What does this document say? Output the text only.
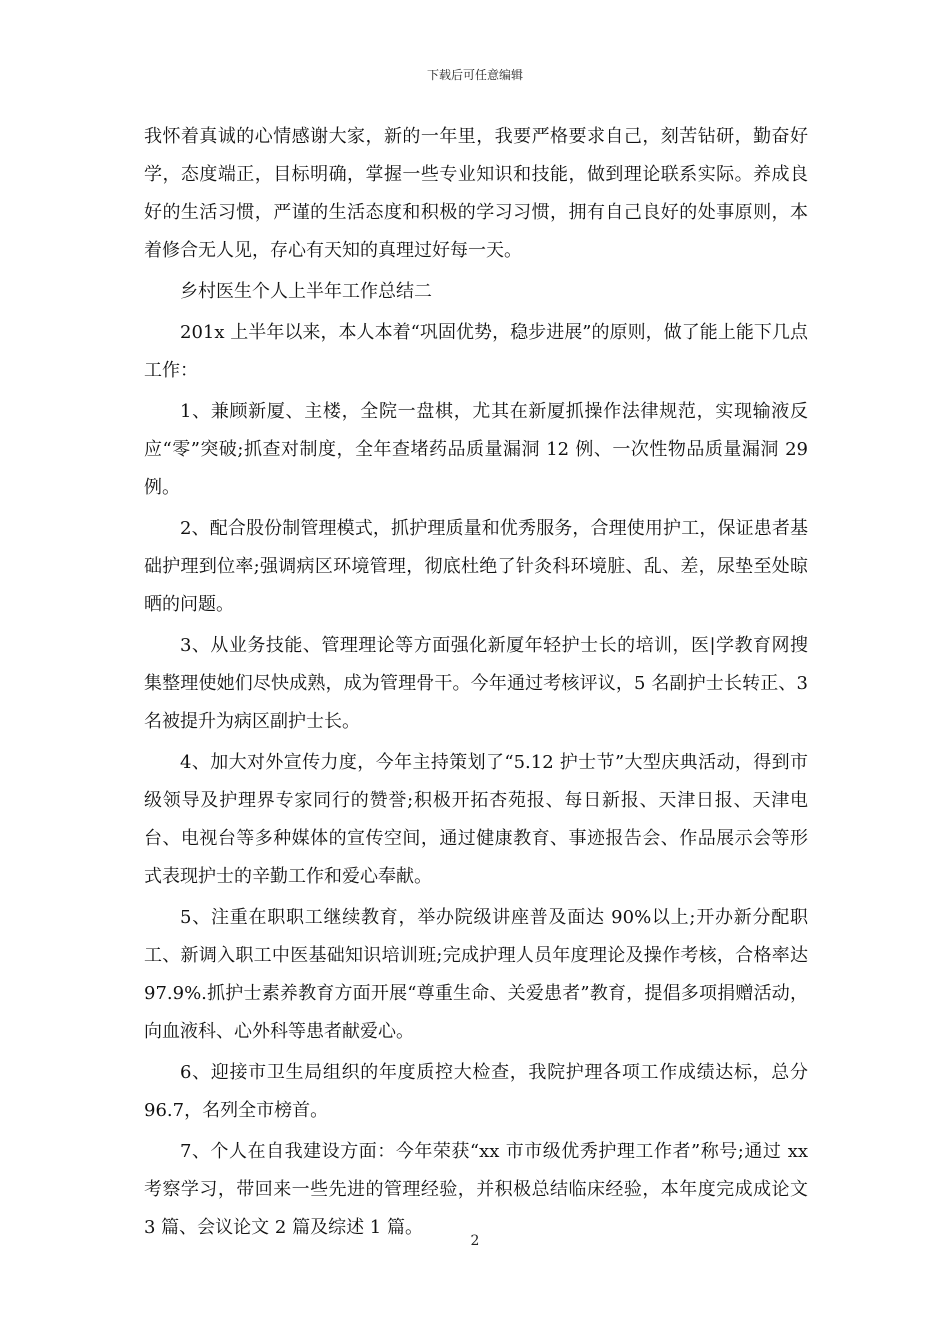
下载后可任意编辑

我怀着真诚的心情感谢大家，新的一年里，我要严格要求自己，刻苦钻研，勤奋好学，态度端正，目标明确，掌握一些专业知识和技能，做到理论联系实际。养成良好的生活习惯，严谨的生活态度和积极的学习习惯，拥有自己良好的处事原则，本着修合无人见，存心有天知的真理过好每一天。

乡村医生个人上半年工作总结二

201x 上半年以来，本人本着“巩固优势，稳步进展”的原则，做了能上能下几点工作：

1、兼顾新厦、主楼，全院一盘棋，尤其在新厦抓操作法律规范，实现输液反应“零”突破;抓查对制度，全年查堵药品质量漏洞 12 例、一次性物品质量漏洞 29 例。

2、配合股份制管理模式，抓护理质量和优秀服务，合理使用护工，保证患者基础护理到位率;强调病区环境管理，彻底杜绝了针灸科环境脏、乱、差，尿垫至处晾晒的问题。

3、从业务技能、管理理论等方面强化新厦年轻护士长的培训，医|学教育网搜集整理使她们尽快成熟，成为管理骨干。今年通过考核评议，5 名副护士长转正、3 名被提升为病区副护士长。

4、加大对外宣传力度，今年主持策划了“5.12 护士节”大型庆典活动，得到市级领导及护理界专家同行的赞誉;积极开拓杏苑报、每日新报、天津日报、天津电台、电视台等多种媒体的宣传空间，通过健康教育、事迹报告会、作品展示会等形式表现护士的辛勤工作和爱心奉献。

5、注重在职职工继续教育，举办院级讲座普及面达 90%以上;开办新分配职工、新调入职工中医基础知识培训班;完成护理人员年度理论及操作考核，合格率达 97.9%.抓护士素养教育方面开展“尊重生命、关爱患者”教育，提倡多项捐赠活动，向血液科、心外科等患者献爱心。

6、迎接市卫生局组织的年度质控大检查，我院护理各项工作成绩达标，总分 96.7，名列全市榜首。

7、个人在自我建设方面：今年荣获“xx 市市级优秀护理工作者”称号;通过 xx 考察学习，带回来一些先进的管理经验，并积极总结临床经验，本年度完成成论文 3 篇、会议论文 2 篇及综述 1 篇。

2
